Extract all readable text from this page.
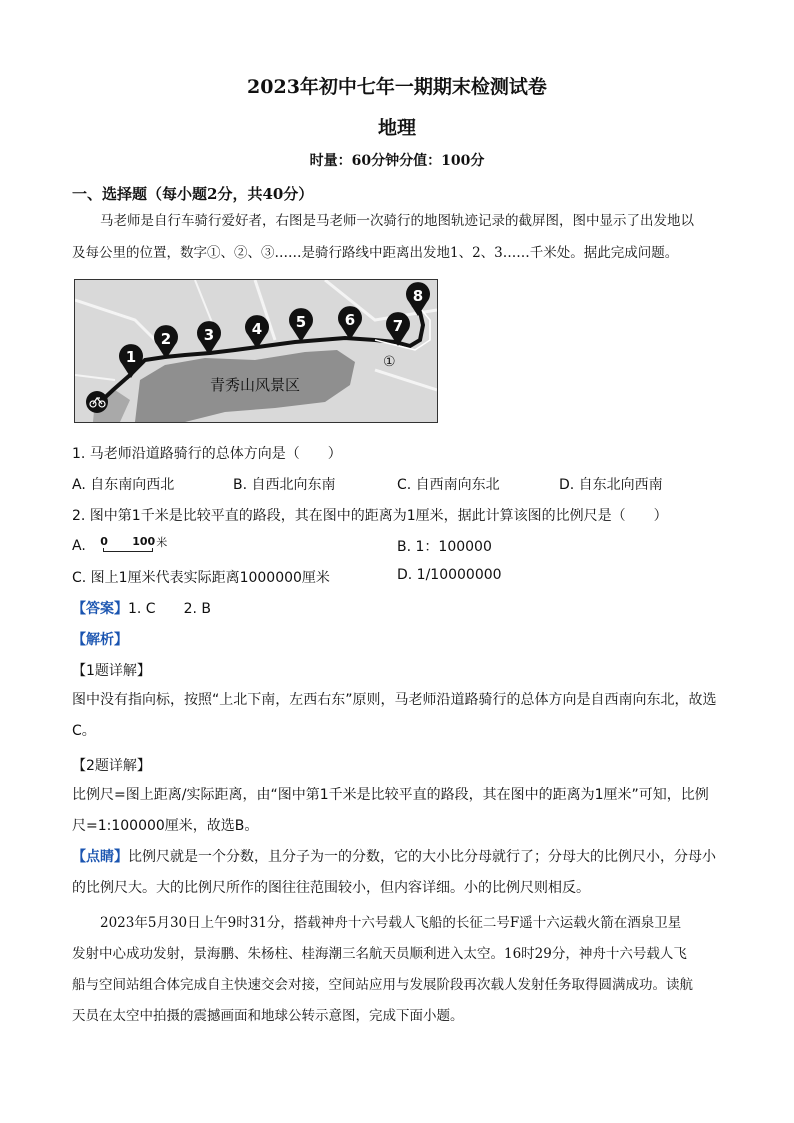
2023年初中七年一期期末检测试卷
地理
时量：60分钟分值：100分
一、选择题（每小题2分，共40分）
马老师是自行车骑行爱好者，右图是马老师一次骑行的地图轨迹记录的截屏图，图中显示了出发地以
及每公里的位置，数字①、②、③……是骑行路线中距离出发地1、2、3……千米处。据此完成问题。
①
青秀山风景区
1
2 3	4 5	6	7
8
1. 马老师沿道路骑行的总体方向是（　　）
A. 自东南向西北	B. 自西北向东南	C. 自西南向东北	D. 自东北向西南
2. 图中第1千米是比较平直的路段，其在图中的距离为1厘米，据此计算该图的比例尺是（　　）
A. 0 100 米	B. 1：100000
C. 图上1厘米代表实际距离1000000厘米	D. 1/10000000
【答案】1. C　　2. B
【解析】
【1题详解】
图中没有指向标，按照“上北下南，左西右东”原则，马老师沿道路骑行的总体方向是自西南向东北，故选C。
【2题详解】
比例尺=图上距离/实际距离，由“图中第1千米是比较平直的路段，其在图中的距离为1厘米”可知，比例尺=1:100000厘米，故选B。
【点睛】比例尺就是一个分数，且分子为一的分数，它的大小比分母就行了；分母大的比例尺小，分母小的比例尺大。大的比例尺所作的图往往范围较小，但内容详细。小的比例尺则相反。
2023年5月30日上午9时31分，搭载神舟十六号载人飞船的长征二号F遥十六运载火箭在酒泉卫星
发射中心成功发射，景海鹏、朱杨柱、桂海潮三名航天员顺利进入太空。16时29分，神舟十六号载人飞
船与空间站组合体完成自主快速交会对接，空间站应用与发展阶段再次载人发射任务取得圆满成功。读航
天员在太空中拍摄的震撼画面和地球公转示意图，完成下面小题。
